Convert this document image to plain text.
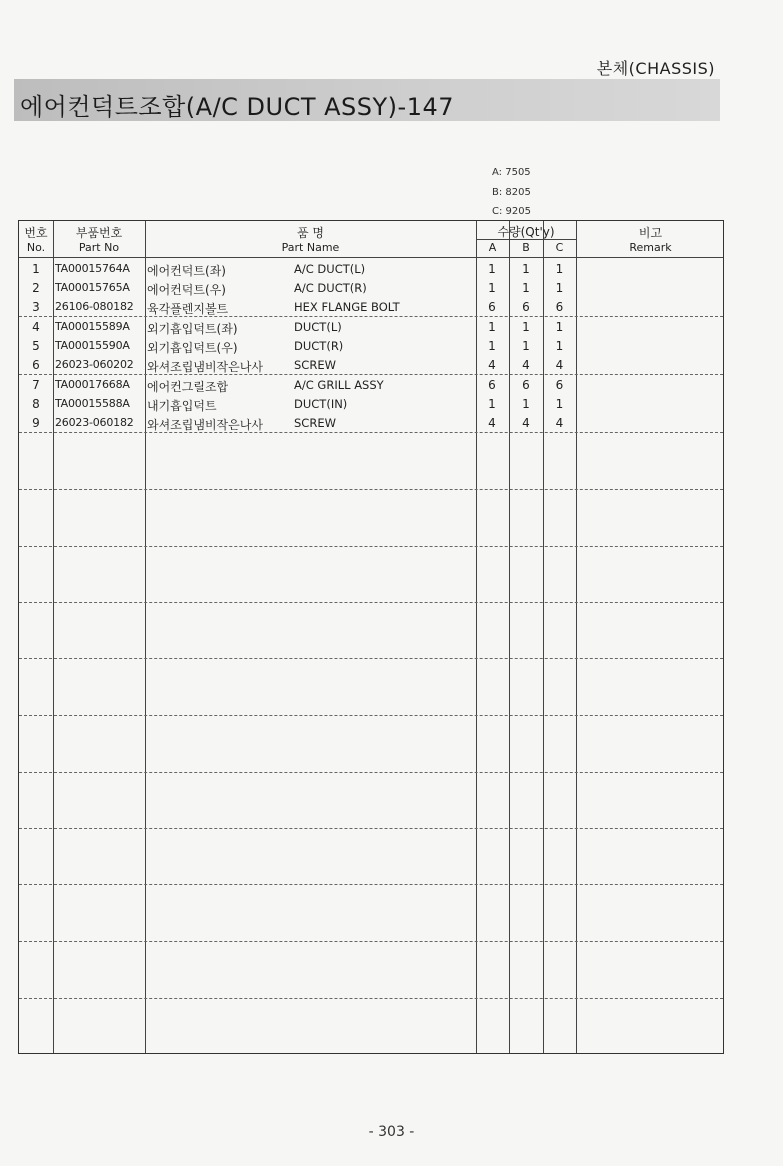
본체(CHASSIS)
에어컨덕트조합(A/C DUCT ASSY)-147
A: 7505
B: 8205
C: 9205
번호
No.
부품번호
Part No
품 명
Part Name
수량(Qt'y)
A	B	C
비고
Remark
1	TA00015764A	에어컨덕트(좌)	A/C DUCT(L)	1	1	1
2	TA00015765A	에어컨덕트(우)	A/C DUCT(R)	1	1	1
3	26106-080182	육각플렌지볼트	HEX FLANGE BOLT	6	6	6
4	TA00015589A	외기흡입덕트(좌)	DUCT(L)	1	1	1
5	TA00015590A	외기흡입덕트(우)	DUCT(R)	1	1	1
6	26023-060202	와셔조립냄비작은나사	SCREW	4	4	4
7	TA00017668A	에어컨그릴조합	A/C GRILL ASSY	6	6	6
8	TA00015588A	내기흡입덕트	DUCT(IN)	1	1	1
9	26023-060182	와셔조립냄비작은나사	SCREW	4	4	4
- 303 -
